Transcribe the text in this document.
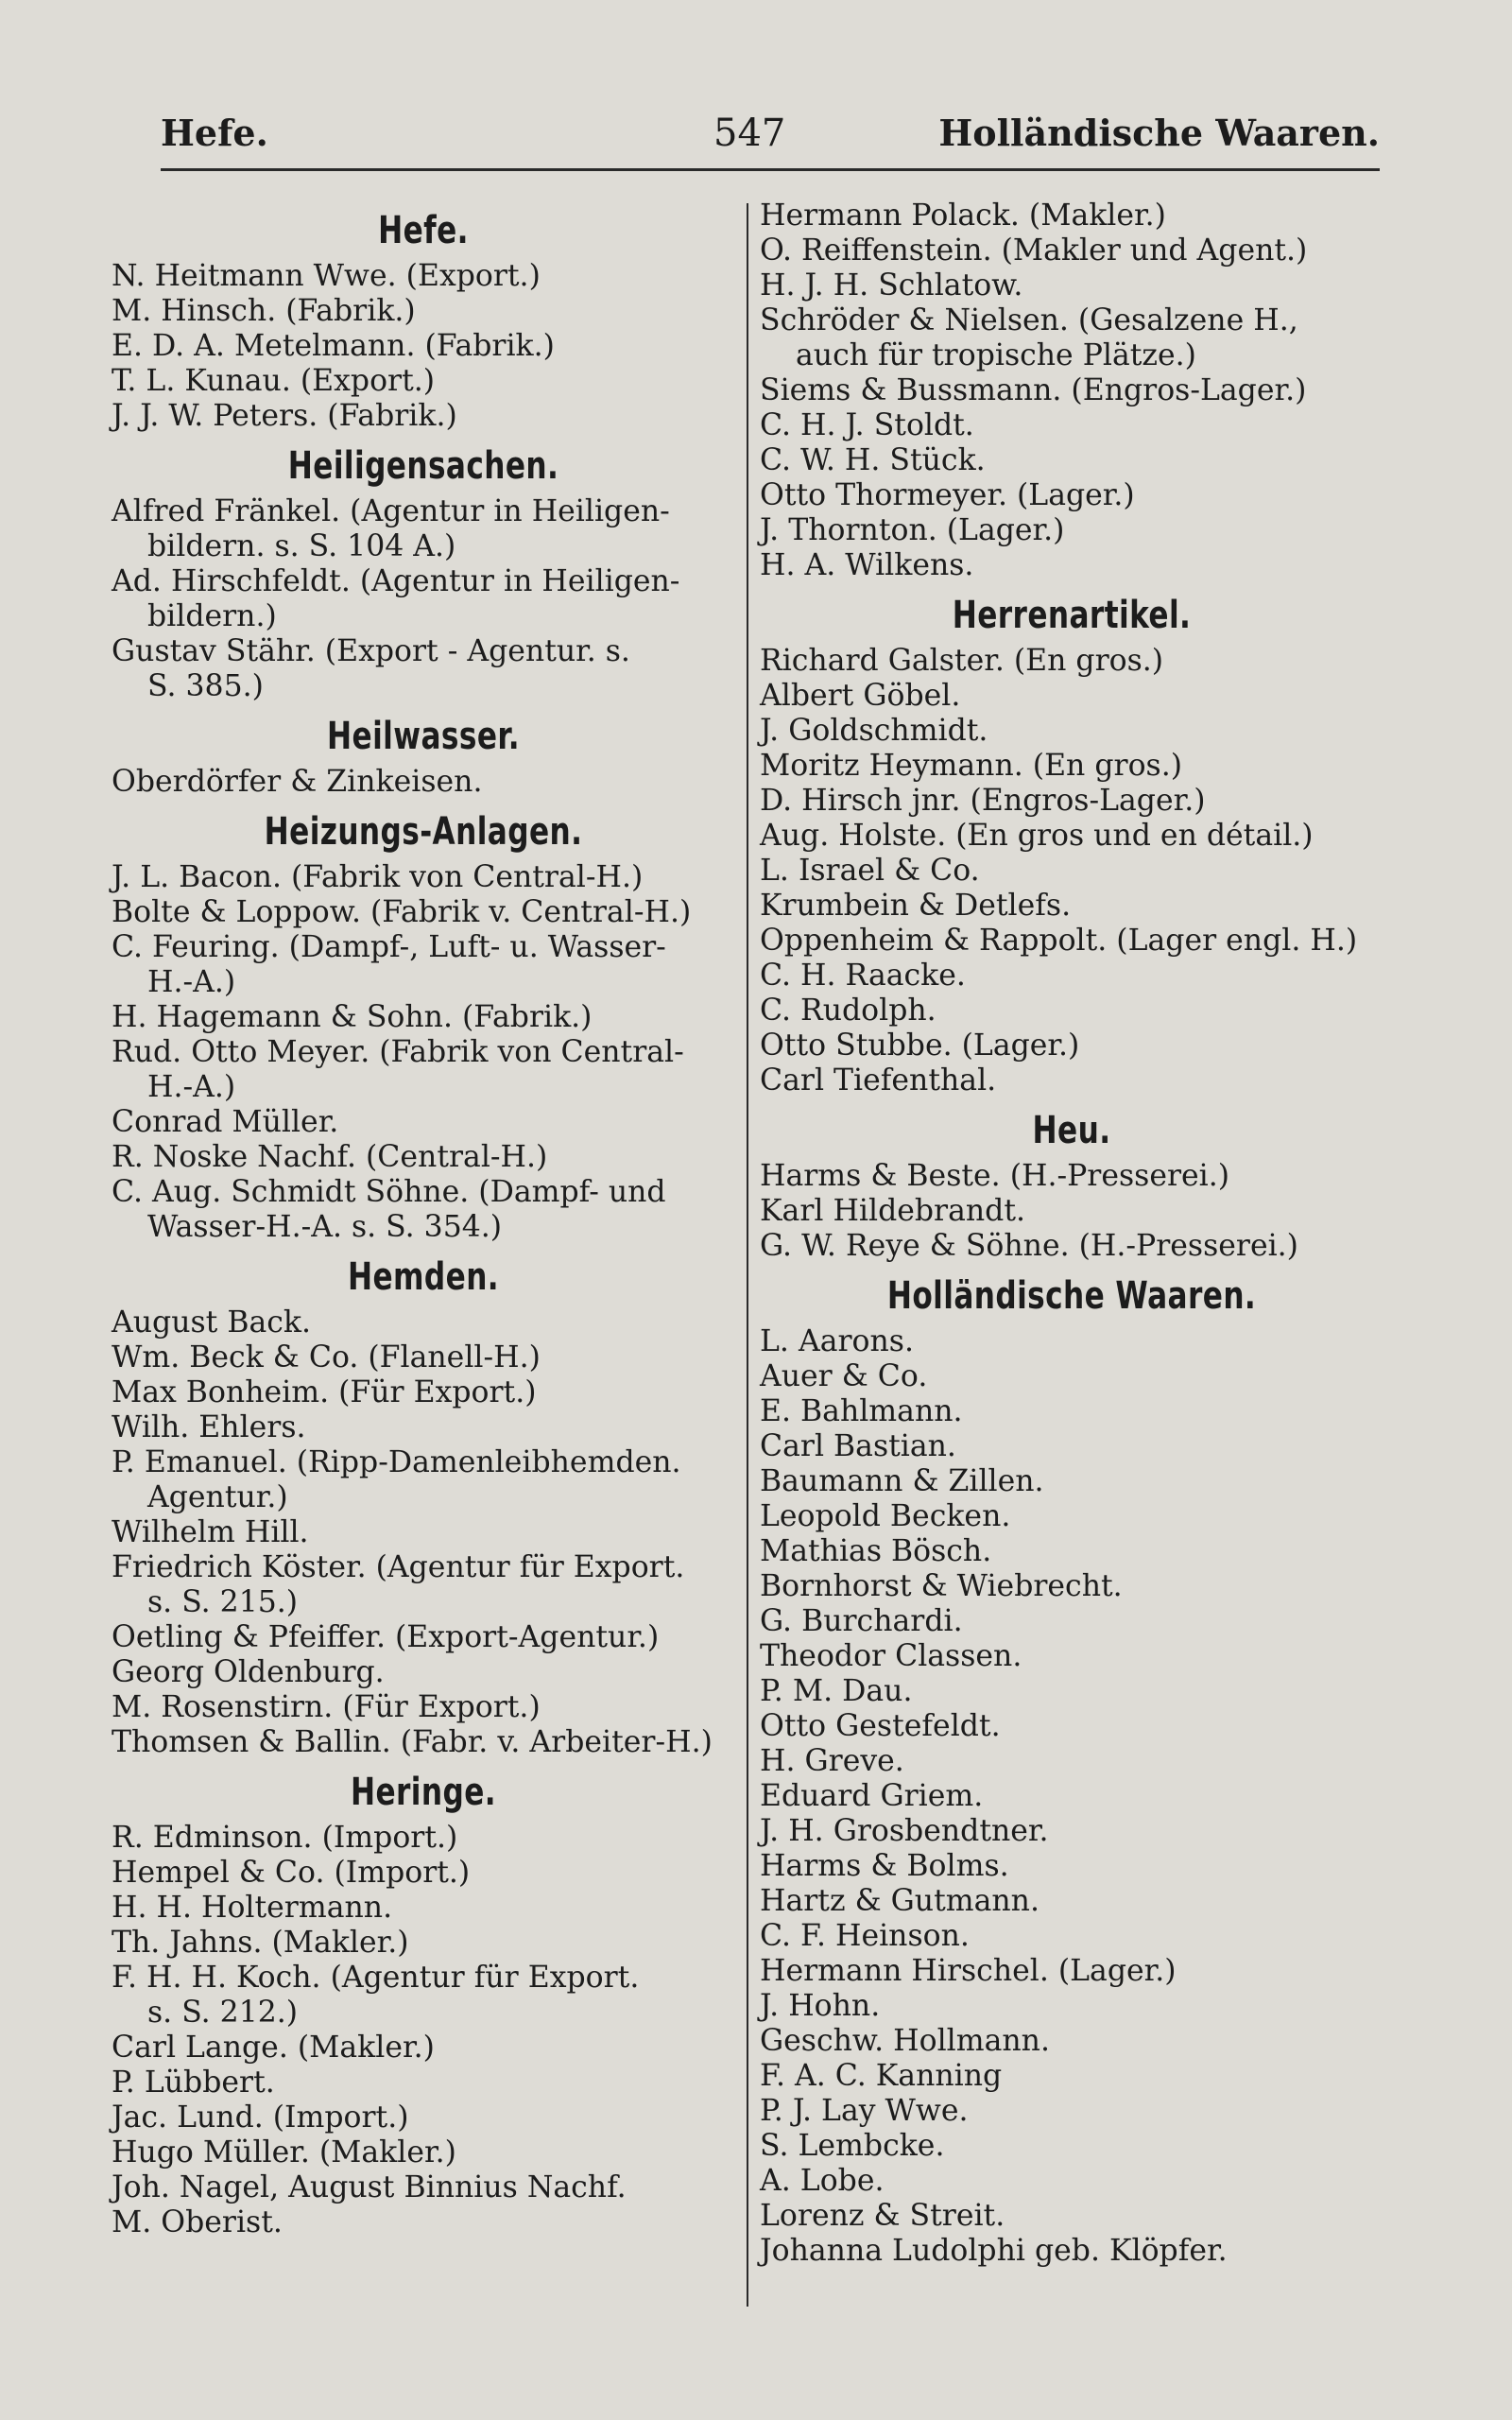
Hefe.	547	Holländische Waaren.
Hefe.
N. Heitmann Wwe. (Export.)
M. Hinsch. (Fabrik.)
E. D. A. Metelmann. (Fabrik.)
T. L. Kunau. (Export.)
J. J. W. Peters. (Fabrik.)
Heiligensachen.
Alfred Fränkel. (Agentur in Heiligen-
bildern. s. S. 104 A.)
Ad. Hirschfeldt. (Agentur in Heiligen-
bildern.)
Gustav Stähr. (Export - Agentur. s.
S. 385.)
Heilwasser.
Oberdörfer & Zinkeisen.
Heizungs-Anlagen.
J. L. Bacon. (Fabrik von Central-H.)
Bolte & Loppow. (Fabrik v. Central-H.)
C. Feuring. (Dampf-, Luft- u. Wasser-
H.-A.)
H. Hagemann & Sohn. (Fabrik.)
Rud. Otto Meyer. (Fabrik von Central-
H.-A.)
Conrad Müller.
R. Noske Nachf. (Central-H.)
C. Aug. Schmidt Söhne. (Dampf- und
Wasser-H.-A. s. S. 354.)
Hemden.
August Back.
Wm. Beck & Co. (Flanell-H.)
Max Bonheim. (Für Export.)
Wilh. Ehlers.
P. Emanuel. (Ripp-Damenleibhemden.
Agentur.)
Wilhelm Hill.
Friedrich Köster. (Agentur für Export.
s. S. 215.)
Oetling & Pfeiffer. (Export-Agentur.)
Georg Oldenburg.
M. Rosenstirn. (Für Export.)
Thomsen & Ballin. (Fabr. v. Arbeiter-H.)
Heringe.
R. Edminson. (Import.)
Hempel & Co. (Import.)
H. H. Holtermann.
Th. Jahns. (Makler.)
F. H. H. Koch. (Agentur für Export.
s. S. 212.)
Carl Lange. (Makler.)
P. Lübbert.
Jac. Lund. (Import.)
Hugo Müller. (Makler.)
Joh. Nagel, August Binnius Nachf.
M. Oberist.
Hermann Polack. (Makler.)
O. Reiffenstein. (Makler und Agent.)
H. J. H. Schlatow.
Schröder & Nielsen. (Gesalzene H.,
auch für tropische Plätze.)
Siems & Bussmann. (Engros-Lager.)
C. H. J. Stoldt.
C. W. H. Stück.
Otto Thormeyer. (Lager.)
J. Thornton. (Lager.)
H. A. Wilkens.
Herrenartikel.
Richard Galster. (En gros.)
Albert Göbel.
J. Goldschmidt.
Moritz Heymann. (En gros.)
D. Hirsch jnr. (Engros-Lager.)
Aug. Holste. (En gros und en détail.)
L. Israel & Co.
Krumbein & Detlefs.
Oppenheim & Rappolt. (Lager engl. H.)
C. H. Raacke.
C. Rudolph.
Otto Stubbe. (Lager.)
Carl Tiefenthal.
Heu.
Harms & Beste. (H.-Presserei.)
Karl Hildebrandt.
G. W. Reye & Söhne. (H.-Presserei.)
Holländische Waaren.
L. Aarons.
Auer & Co.
E. Bahlmann.
Carl Bastian.
Baumann & Zillen.
Leopold Becken.
Mathias Bösch.
Bornhorst & Wiebrecht.
G. Burchardi.
Theodor Classen.
P. M. Dau.
Otto Gestefeldt.
H. Greve.
Eduard Griem.
J. H. Grosbendtner.
Harms & Bolms.
Hartz & Gutmann.
C. F. Heinson.
Hermann Hirschel. (Lager.)
J. Hohn.
Geschw. Hollmann.
F. A. C. Kanning
P. J. Lay Wwe.
S. Lembcke.
A. Lobe.
Lorenz & Streit.
Johanna Ludolphi geb. Klöpfer.
